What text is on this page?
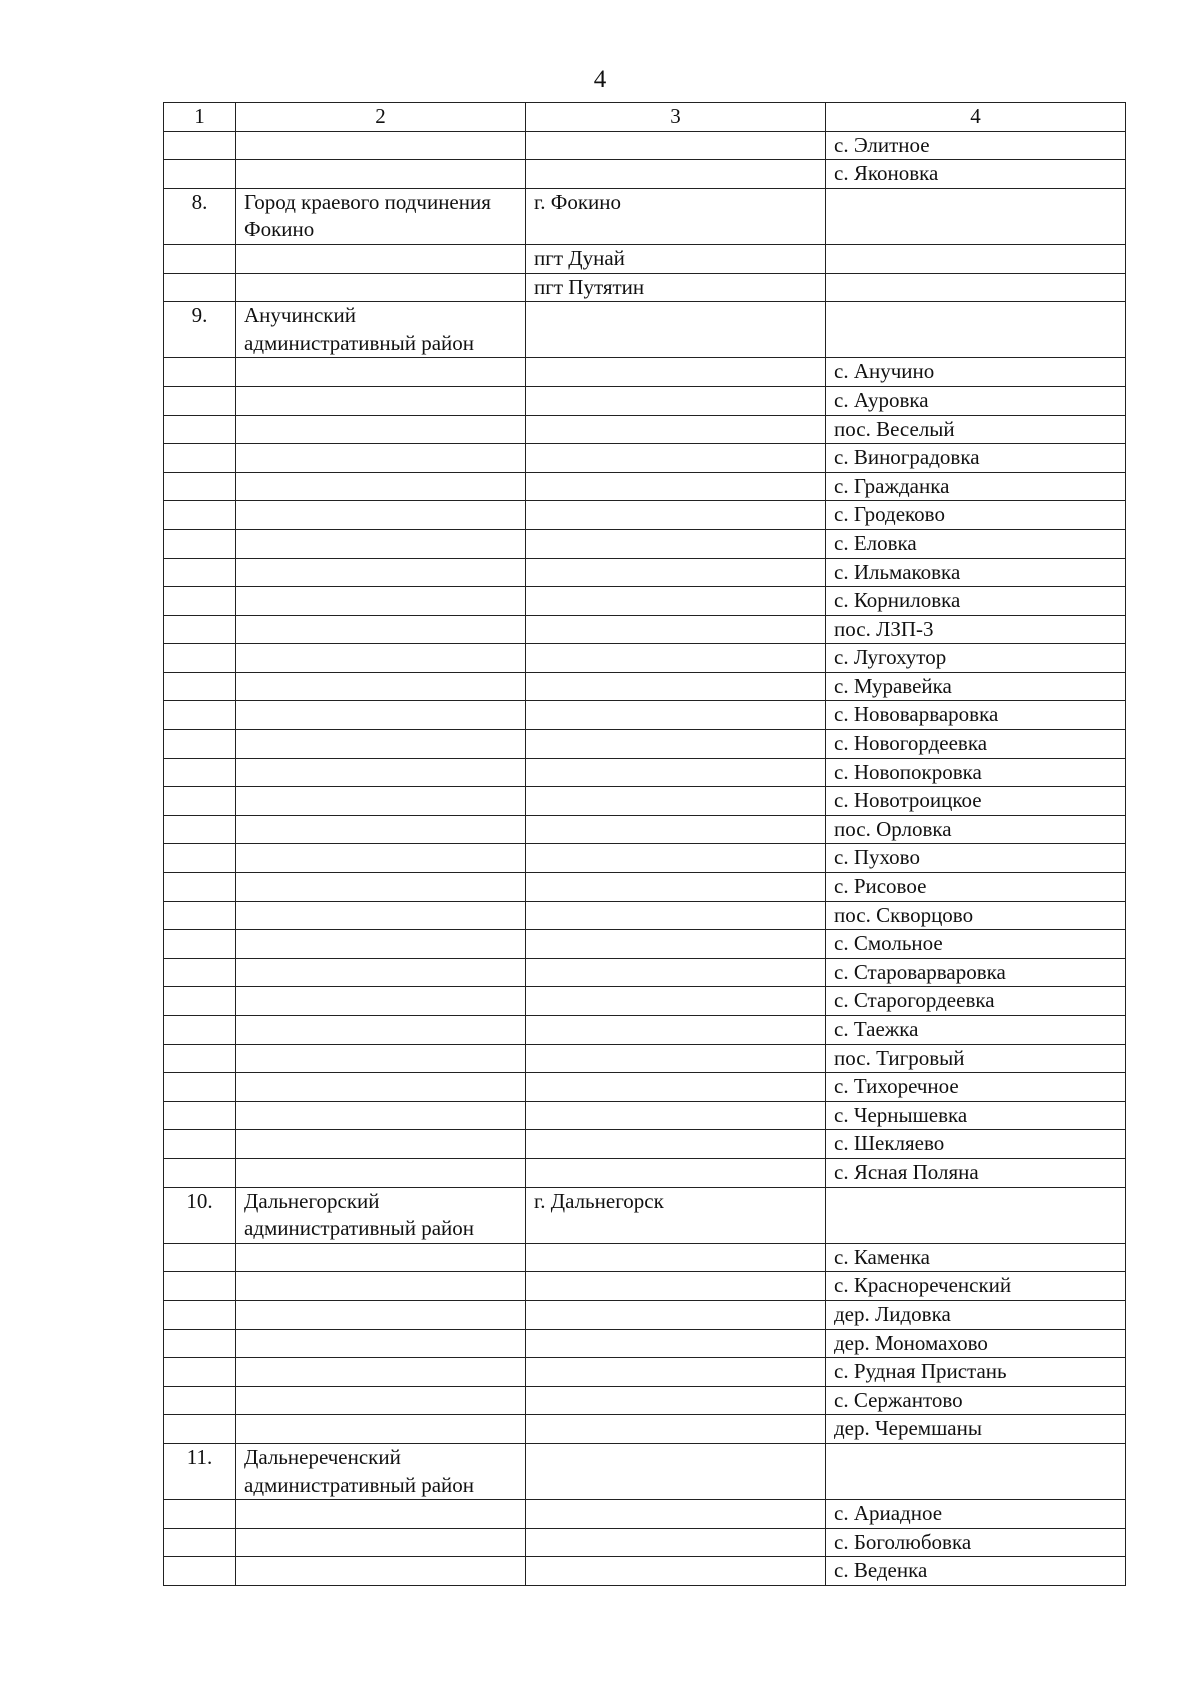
4
1	2	3	4
			с. Элитное
			с. Яконовка
8.	Город краевого подчинения Фокино	г. Фокино	
		пгт Дунай	
		пгт Путятин	
9.	Анучинский административный район		
			с. Анучино
			с. Ауровка
			пос. Веселый
			с. Виноградовка
			с. Гражданка
			с. Гродеково
			с. Еловка
			с. Ильмаковка
			с. Корниловка
			пос. ЛЗП-3
			с. Лугохутор
			с. Муравейка
			с. Нововарваровка
			с. Новогордеевка
			с. Новопокровка
			с. Новотроицкое
			пос. Орловка
			с. Пухово
			с. Рисовое
			пос. Скворцово
			с. Смольное
			с. Староварваровка
			с. Старогордеевка
			с. Таежка
			пос. Тигровый
			с. Тихоречное
			с. Чернышевка
			с. Шекляево
			с. Ясная Поляна
10.	Дальнегорский административный район	г. Дальнегорск	
			с. Каменка
			с. Краснореченский
			дер. Лидовка
			дер. Мономахово
			с. Рудная Пристань
			с. Сержантово
			дер. Черемшаны
11.	Дальнереченский административный район		
			с. Ариадное
			с. Боголюбовка
			с. Веденка
